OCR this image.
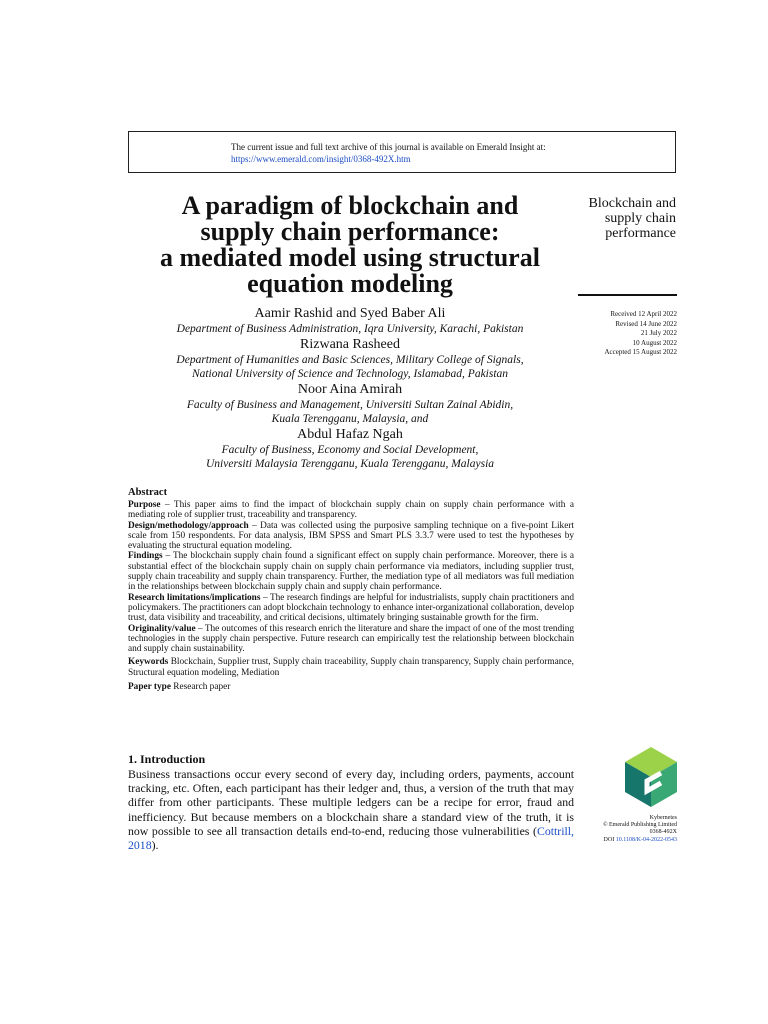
The current issue and full text archive of this journal is available on Emerald Insight at:
https://www.emerald.com/insight/0368-492X.htm
A paradigm of blockchain and
supply chain performance:
a mediated model using structural
equation modeling
Blockchain and
supply chain
performance
Received 12 April 2022
Revised 14 June 2022
21 July 2022
10 August 2022
Accepted 15 August 2022
Aamir Rashid and Syed Baber Ali
Department of Business Administration, Iqra University, Karachi, Pakistan
Rizwana Rasheed
Department of Humanities and Basic Sciences, Military College of Signals,
National University of Science and Technology, Islamabad, Pakistan
Noor Aina Amirah
Faculty of Business and Management, Universiti Sultan Zainal Abidin,
Kuala Terengganu, Malaysia, and
Abdul Hafaz Ngah
Faculty of Business, Economy and Social Development,
Universiti Malaysia Terengganu, Kuala Terengganu, Malaysia
Abstract

Purpose – This paper aims to find the impact of blockchain supply chain on supply chain performance with a mediating role of supplier trust, traceability and transparency.

Design/methodology/approach – Data was collected using the purposive sampling technique on a five-point Likert scale from 150 respondents. For data analysis, IBM SPSS and Smart PLS 3.3.7 were used to test the hypotheses by evaluating the structural equation modeling.

Findings – The blockchain supply chain found a significant effect on supply chain performance. Moreover, there is a substantial effect of the blockchain supply chain on supply chain performance via mediators, including supplier trust, supply chain traceability and supply chain transparency. Further, the mediation type of all mediators was full mediation in the relationships between blockchain supply chain and supply chain performance.

Research limitations/implications – The research findings are helpful for industrialists, supply chain practitioners and policymakers. The practitioners can adopt blockchain technology to enhance inter-organizational collaboration, develop trust, data visibility and traceability, and critical decisions, ultimately bringing sustainable growth for the firm.

Originality/value – The outcomes of this research enrich the literature and share the impact of one of the most trending technologies in the supply chain perspective. Future research can empirically test the relationship between blockchain and supply chain sustainability.

Keywords Blockchain, Supplier trust, Supply chain traceability, Supply chain transparency, Supply chain performance, Structural equation modeling, Mediation

Paper type Research paper

1. Introduction

Business transactions occur every second of every day, including orders, payments, account tracking, etc. Often, each participant has their ledger and, thus, a version of the truth that may differ from other participants. These multiple ledgers can be a recipe for error, fraud and inefficiency. But because members on a blockchain share a standard view of the truth, it is now possible to see all transaction details end-to-end, reducing those vulnerabilities (Cottrill, 2018).

Kybernetes
© Emerald Publishing Limited
0368-492X
DOI 10.1108/K-04-2022-0543
